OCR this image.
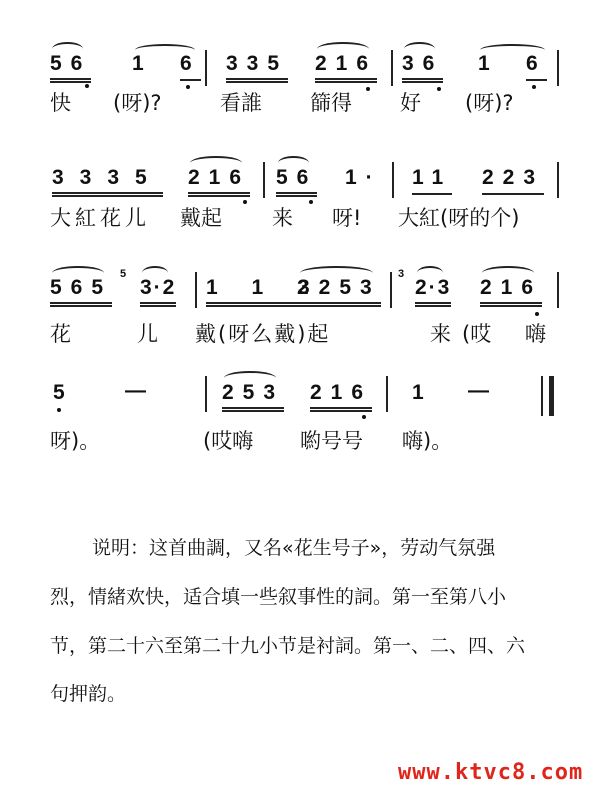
56 1 6 335 216 36 1 6
快 (呀)?	看誰 篩得 好 (呀)?
3335 216 56 1· 11 223
大紅花儿 戴起 来 呀! 大紅(呀的个)
565
5
3·2 1 1 2
3253
3
2·3 216
花	儿 戴(呀么戴)起	来 (哎 嗨
5 —	253 216 1 —
呀)。	(哎嗨 喲号号 嗨)。
说明：这首曲調，又名«花生号子»，劳动气氛强
烈，情緒欢快，适合填一些叙事性的詞。第一至第八小
节，第二十六至第二十九小节是衬詞。第一、二、四、六
句押韵。
www.ktvc8.com
